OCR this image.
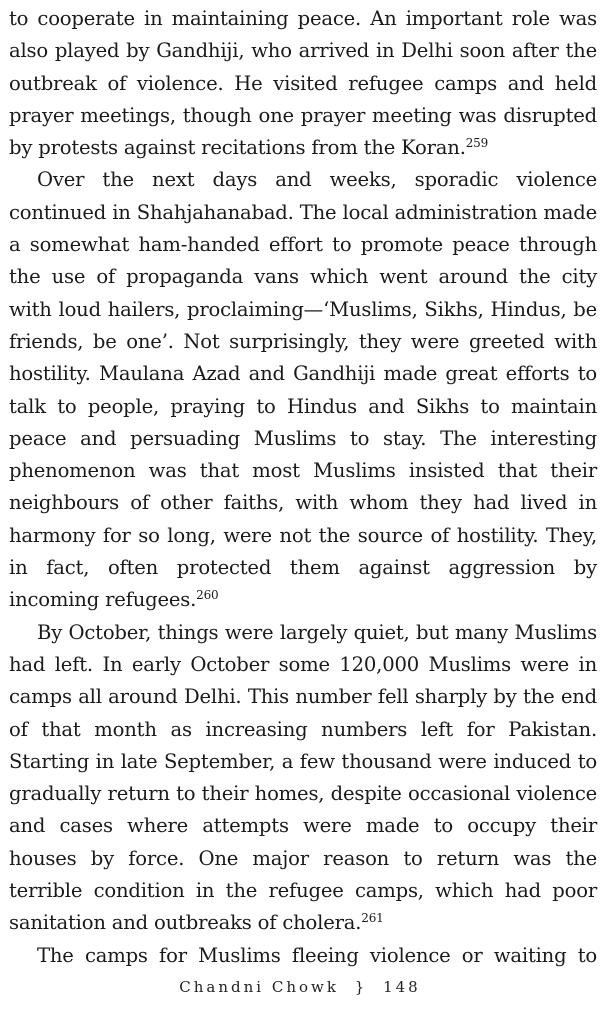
to cooperate in maintaining peace. An important role was also played by Gandhiji, who arrived in Delhi soon after the outbreak of violence. He visited refugee camps and held prayer meetings, though one prayer meeting was disrupted by protests against recitations from the Koran.$^{259}$

Over the next days and weeks, sporadic violence continued in Shahjahanabad. The local administration made a somewhat ham-handed effort to promote peace through the use of propaganda vans which went around the city with loud hailers, proclaiming—‘Muslims, Sikhs, Hindus, be friends, be one’. Not surprisingly, they were greeted with hostility. Maulana Azad and Gandhiji made great efforts to talk to people, praying to Hindus and Sikhs to maintain peace and persuading Muslims to stay. The interesting phenomenon was that most Muslims insisted that their neighbours of other faiths, with whom they had lived in harmony for so long, were not the source of hostility. They, in fact, often protected them against aggression by incoming refugees.$^{260}$

By October, things were largely quiet, but many Muslims had left. In early October some 120,000 Muslims were in camps all around Delhi. This number fell sharply by the end of that month as increasing numbers left for Pakistan. Starting in late September, a few thousand were induced to gradually return to their homes, despite occasional violence and cases where attempts were made to occupy their houses by force. One major reason to return was the terrible condition in the refugee camps, which had poor sanitation and outbreaks of cholera.$^{261}$

The camps for Muslims fleeing violence or waiting to

Chandni Chowk } 148
